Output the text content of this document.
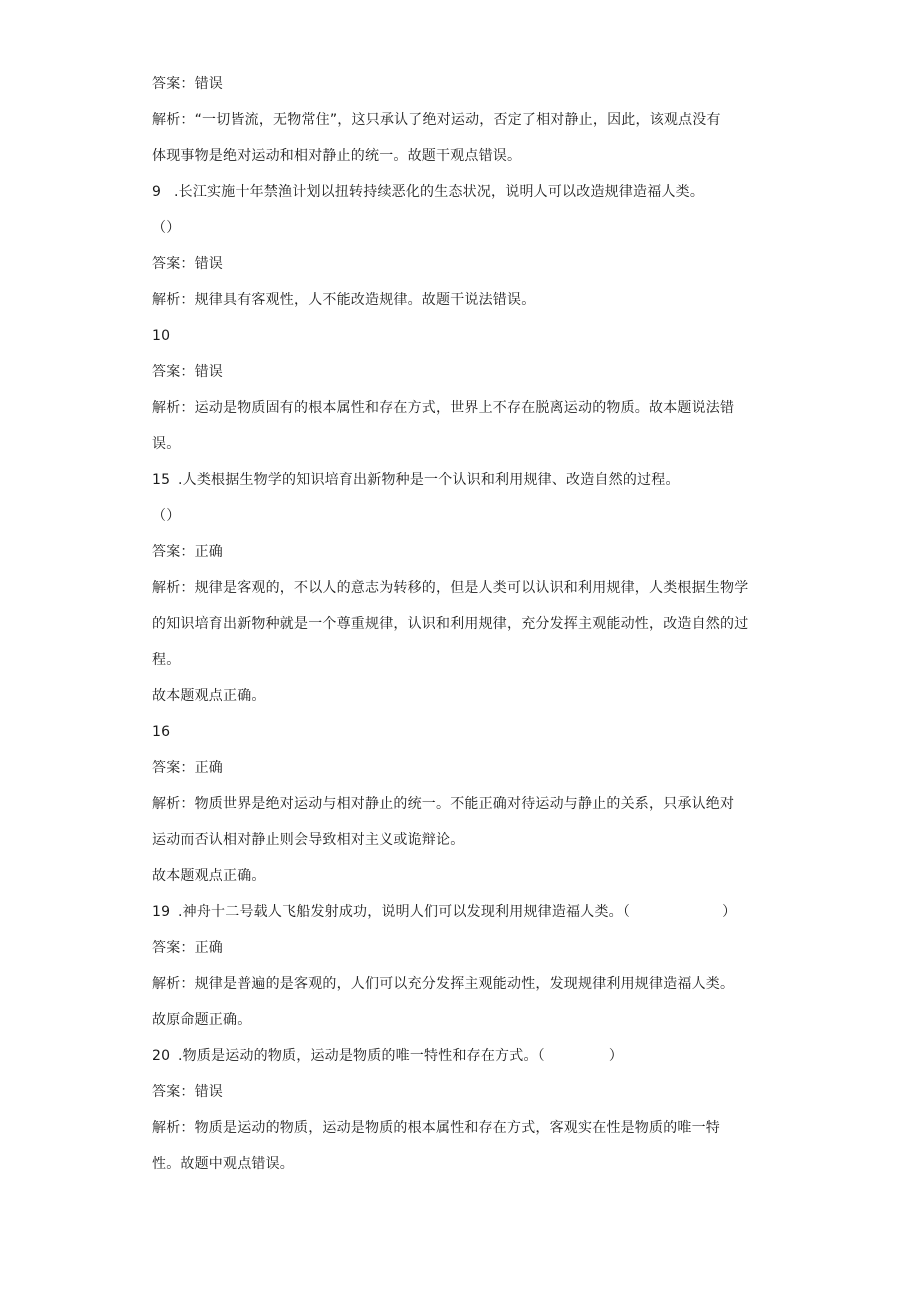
答案：错误
解析：“一切皆流，无物常住”，这只承认了绝对运动，否定了相对静止，因此，该观点没有
体现事物是绝对运动和相对静止的统一。故题干观点错误。
9 .长江实施十年禁渔计划以扭转持续恶化的生态状况，说明人可以改造规律造福人类。
（）
答案：错误
解析：规律具有客观性，人不能改造规律。故题干说法错误。
10
答案：错误
解析：运动是物质固有的根本属性和存在方式，世界上不存在脱离运动的物质。故本题说法错
误。
15 .人类根据生物学的知识培育出新物种是一个认识和利用规律、改造自然的过程。
（）
答案：正确
解析：规律是客观的，不以人的意志为转移的，但是人类可以认识和利用规律，人类根据生物学
的知识培育出新物种就是一个尊重规律，认识和利用规律，充分发挥主观能动性，改造自然的过
程。
故本题观点正确。
16
答案：正确
解析：物质世界是绝对运动与相对静止的统一。不能正确对待运动与静止的关系，只承认绝对
运动而否认相对静止则会导致相对主义或诡辩论。
故本题观点正确。
19 .神舟十二号载人飞船发射成功，说明人们可以发现利用规律造福人类。（	）
答案：正确
解析：规律是普遍的是客观的，人们可以充分发挥主观能动性，发现规律利用规律造福人类。
故原命题正确。
20 .物质是运动的物质，运动是物质的唯一特性和存在方式。（	）
答案：错误
解析：物质是运动的物质，运动是物质的根本属性和存在方式，客观实在性是物质的唯一特
性。故题中观点错误。
